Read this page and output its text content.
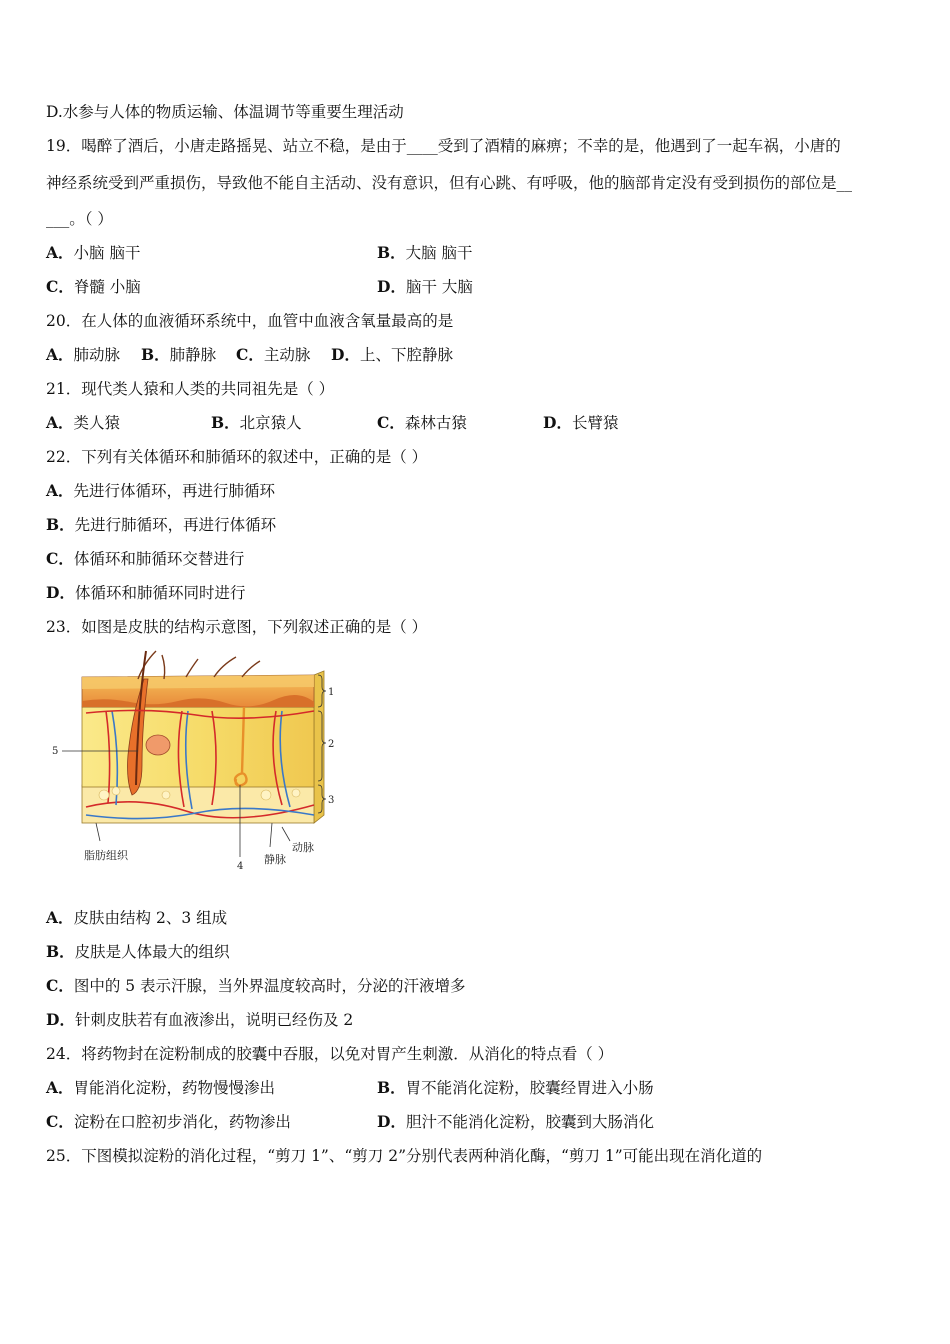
D.水参与人体的物质运输、体温调节等重要生理活动
19．喝醉了酒后，小唐走路摇晃、站立不稳，是由于____受到了酒精的麻痹；不幸的是，他遇到了一起车祸，小唐的
神经系统受到严重损伤，导致他不能自主活动、没有意识，但有心跳、有呼吸，他的脑部肯定没有受到损伤的部位是__
___。（ ）
A．小脑 脑干	B．大脑 脑干
C．脊髓 小脑	D．脑干 大脑
20．在人体的血液循环系统中，血管中血液含氧量最高的是
A．肺动脉 B．肺静脉 C．主动脉 D．上、下腔静脉
21．现代类人猿和人类的共同祖先是（ ）
A．类人猿	B．北京猿人	C．森林古猿	D．长臂猿
22．下列有关体循环和肺循环的叙述中，正确的是（ ）
A．先进行体循环，再进行肺循环
B．先进行肺循环，再进行体循环
C．体循环和肺循环交替进行
D．体循环和肺循环同时进行
23．如图是皮肤的结构示意图，下列叙述正确的是（ ）
1
2
3
4
5
脂肪组织	静脉
动脉
A．皮肤由结构 2、3 组成
B．皮肤是人体最大的组织
C．图中的 5 表示汗腺，当外界温度较高时，分泌的汗液增多
D．针刺皮肤若有血液渗出，说明已经伤及 2
24．将药物封在淀粉制成的胶囊中吞服，以免对胃产生刺激．从消化的特点看（ ）
A．胃能消化淀粉，药物慢慢渗出	B．胃不能消化淀粉，胶囊经胃进入小肠
C．淀粉在口腔初步消化，药物渗出	D．胆汁不能消化淀粉，胶囊到大肠消化
25．下图模拟淀粉的消化过程，“剪刀 1”、“剪刀 2”分别代表两种消化酶，“剪刀 1”可能出现在消化道的
